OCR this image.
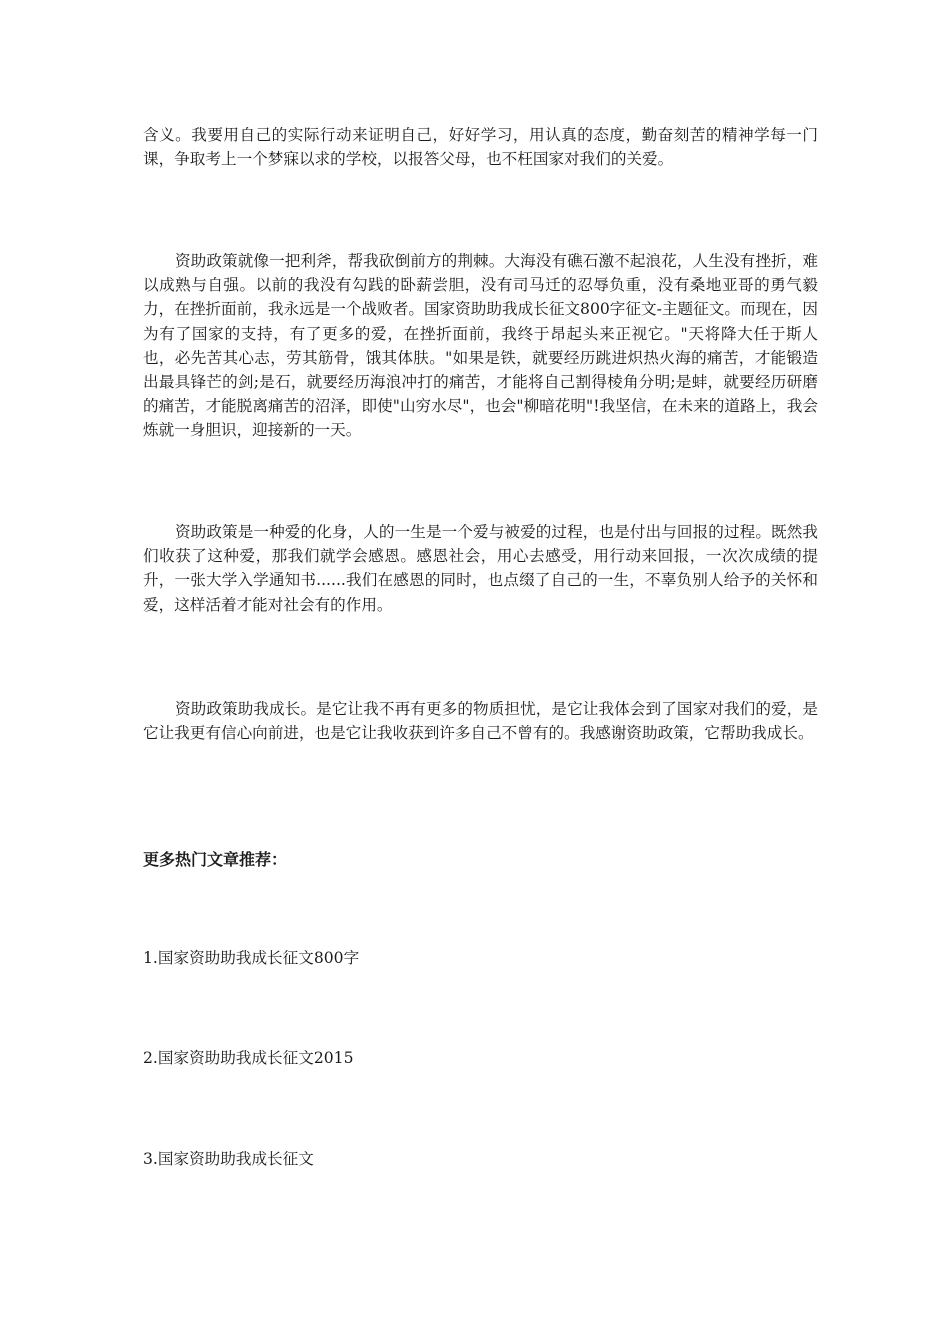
含义。我要用自己的实际行动来证明自己，好好学习，用认真的态度，勤奋刻苦的精神学每一门课，争取考上一个梦寐以求的学校，以报答父母，也不枉国家对我们的关爱。

资助政策就像一把利斧，帮我砍倒前方的荆棘。大海没有礁石激不起浪花，人生没有挫折，难以成熟与自强。以前的我没有勾践的卧薪尝胆，没有司马迁的忍辱负重，没有桑地亚哥的勇气毅力，在挫折面前，我永远是一个战败者。国家资助助我成长征文800字征文-主题征文。而现在，因为有了国家的支持，有了更多的爱，在挫折面前，我终于昂起头来正视它。"天将降大任于斯人也，必先苦其心志，劳其筋骨，饿其体肤。"如果是铁，就要经历跳进炽热火海的痛苦，才能锻造出最具锋芒的剑;是石，就要经历海浪冲打的痛苦，才能将自己割得棱角分明;是蚌，就要经历研磨的痛苦，才能脱离痛苦的沼泽，即使"山穷水尽"，也会"柳暗花明"!我坚信，在未来的道路上，我会炼就一身胆识，迎接新的一天。

资助政策是一种爱的化身，人的一生是一个爱与被爱的过程，也是付出与回报的过程。既然我们收获了这种爱，那我们就学会感恩。感恩社会，用心去感受，用行动来回报，一次次成绩的提升，一张大学入学通知书......我们在感恩的同时，也点缀了自己的一生，不辜负别人给予的关怀和爱，这样活着才能对社会有的作用。

资助政策助我成长。是它让我不再有更多的物质担忧，是它让我体会到了国家对我们的爱，是它让我更有信心向前进，也是它让我收获到许多自己不曾有的。我感谢资助政策，它帮助我成长。

更多热门文章推荐：

1.国家资助助我成长征文800字

2.国家资助助我成长征文2015

3.国家资助助我成长征文
